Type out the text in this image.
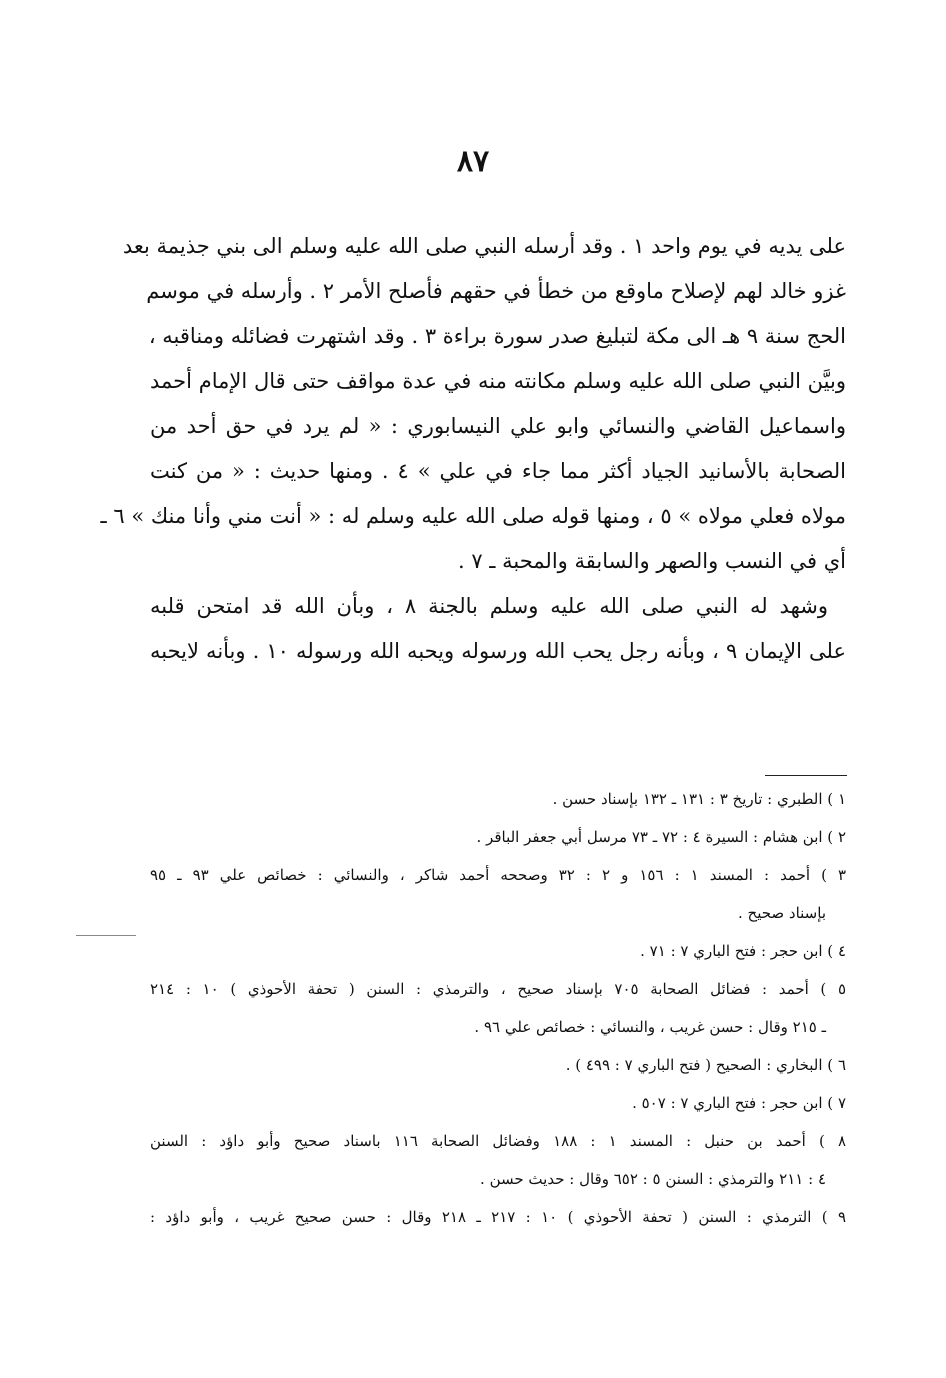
٨٧
على يديه في يوم واحد ١ . وقد أرسله النبي صلى الله عليه وسلم الى بني جذيمة بعد
غزو خالد لهم لإصلاح ماوقع من خطأ في حقهم فأصلح الأمر ٢ . وأرسله في موسم
الحج سنة ٩ هـ الى مكة لتبليغ صدر سورة براءة ٣ . وقد اشتهرت فضائله ومناقبه ،
وبيَّن النبي صلى الله عليه وسلم مكانته منه في عدة مواقف حتى قال الإمام أحمد
واسماعيل القاضي والنسائي وابو علي النيسابوري : « لم يرد في حق أحد من
الصحابة بالأسانيد الجياد أكثر مما جاء في علي » ٤ . ومنها حديث : « من كنت
مولاه فعلي مولاه » ٥ ، ومنها قوله صلى الله عليه وسلم له : « أنت مني وأنا منك » ٦ ـ
أي في النسب والصهر والسابقة والمحبة ـ ٧ .
وشهد له النبي صلى الله عليه وسلم بالجنة ٨ ، وبأن الله قد امتحن قلبه
على الإيمان ٩ ، وبأنه رجل يحب الله ورسوله ويحبه الله ورسوله ١٠ . وبأنه لايحبه
١ ) الطبري : تاريخ ٣ : ١٣١ ـ ١٣٢ بإسناد حسن .
٢ ) ابن هشام : السيرة ٤ : ٧٢ ـ ٧٣ مرسل أبي جعفر الباقر .
٣ ) أحمد : المسند ١ : ١٥٦ و ٢ : ٣٢ وصححه أحمد شاكر ، والنسائي : خصائص علي ٩٣ ـ ٩٥
بإسناد صحيح .
٤ ) ابن حجر : فتح الباري ٧ : ٧١ .
٥ ) أحمد : فضائل الصحابة ٧٠٥ بإسناد صحيح ، والترمذي : السنن ( تحفة الأحوذي ) ١٠ : ٢١٤
ـ ٢١٥ وقال : حسن غريب ، والنسائي : خصائص علي ٩٦ .
٦ ) البخاري : الصحيح ( فتح الباري ٧ : ٤٩٩ ) .
٧ ) ابن حجر : فتح الباري ٧ : ٥٠٧ .
٨ ) أحمد بن حنبل : المسند ١ : ١٨٨ وفضائل الصحابة ١١٦ باسناد صحيح وأبو داؤد : السنن
٤ : ٢١١ والترمذي : السنن ٥ : ٦٥٢ وقال : حديث حسن .
٩ ) الترمذي : السنن ( تحفة الأحوذي ) ١٠ : ٢١٧ ـ ٢١٨ وقال : حسن صحيح غريب ، وأبو داؤد :
